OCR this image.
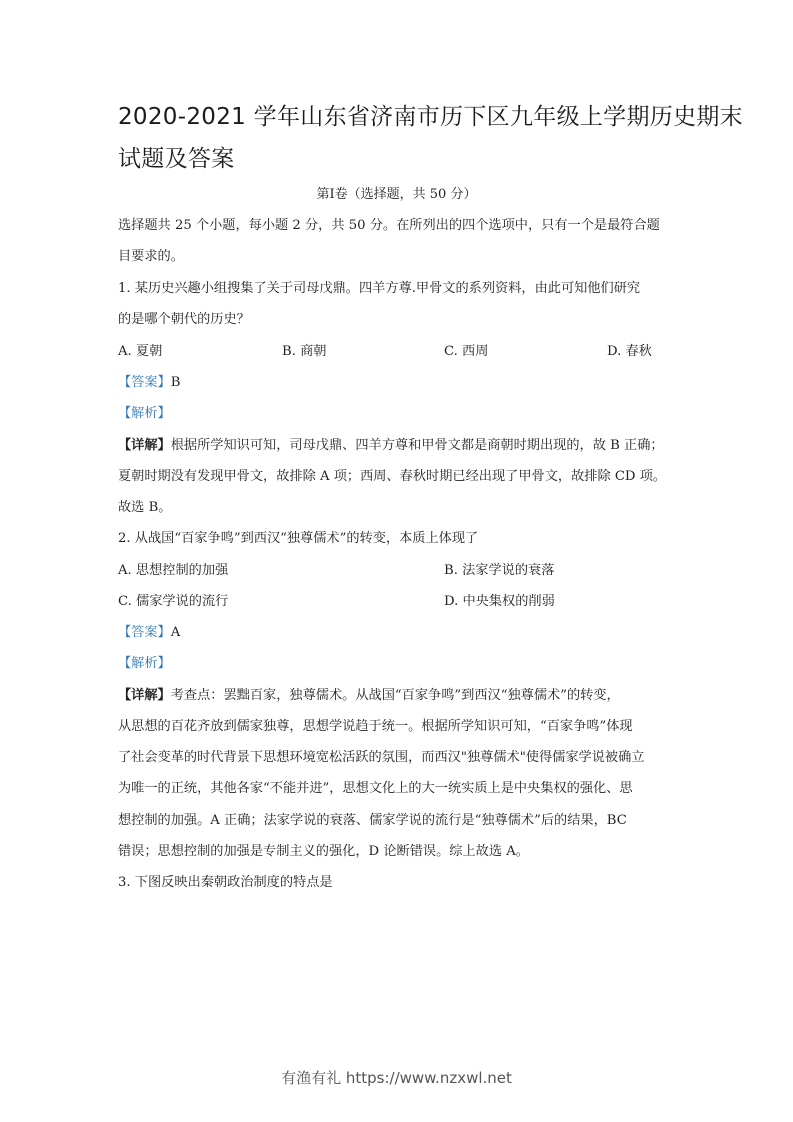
2020-2021 学年山东省济南市历下区九年级上学期历史期末
试题及答案
第Ⅰ卷（选择题，共 50 分）
选择题共 25 个小题，每小题 2 分，共 50 分。在所列出的四个选项中，只有一个是最符合题
目要求的。
1. 某历史兴趣小组搜集了关于司母戊鼎。四羊方尊.甲骨文的系列资料，由此可知他们研究
的是哪个朝代的历史？
A. 夏朝	B. 商朝	C. 西周	D. 春秋
【答案】B
【解析】
【详解】根据所学知识可知，司母戊鼎、四羊方尊和甲骨文都是商朝时期出现的，故 B 正确；
夏朝时期没有发现甲骨文，故排除 A 项；西周、春秋时期已经出现了甲骨文，故排除 CD 项。
故选 B。
2. 从战国“百家争鸣”到西汉“独尊儒术”的转变，本质上体现了
A. 思想控制的加强	B. 法家学说的衰落
C. 儒家学说的流行	D. 中央集权的削弱
【答案】A
【解析】
【详解】考查点：罢黜百家，独尊儒术。从战国“百家争鸣”到西汉“独尊儒术”的转变，
从思想的百花齐放到儒家独尊，思想学说趋于统一。根据所学知识可知，“百家争鸣”体现
了社会变革的时代背景下思想环境宽松活跃的氛围，而西汉"独尊儒术"使得儒家学说被确立
为唯一的正统，其他各家“不能并进”，思想文化上的大一统实质上是中央集权的强化、思
想控制的加强。A 正确；法家学说的衰落、儒家学说的流行是“独尊儒术”后的结果，BC
错误；思想控制的加强是专制主义的强化，D 论断错误。综上故选 A。
3. 下图反映出秦朝政治制度的特点是
有渔有礼 https://www.nzxwl.net
